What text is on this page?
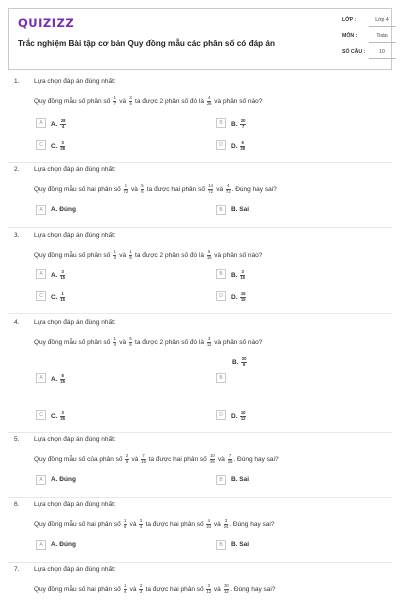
QUIZIZZ
Trắc nghiệm Bài tập cơ bản Quy đồng mẫu các phân số có đáp án
LỚP :	Lớp 4
MÔN :	Toán
SỐ CÂU :	10
1. Lựa chọn đáp án đúng nhất:
Quy đồng mẫu số phân số $\frac{1}{7}$ và $\frac{3}{4}$ ta được 2 phân số đó là $\frac{4}{28}$ và phân số nào?
2. Lựa chọn đáp án đúng nhất:
Quy đồng mẫu số hai phân số $\frac{1}{72}$ và $\frac{5}{6}$ ta được hai phân số $\frac{14}{72}$ và $\frac{4}{72}$ . Đúng hay sai?
3. Lựa chọn đáp án đúng nhất:
Quy đồng mẫu số phân số $\frac{1}{3}$ và $\frac{1}{5}$ ta được 2 phân số đó là $\frac{5}{15}$ và phân số nào?
4. Lựa chọn đáp án đúng nhất:
Quy đồng mẫu số phân số $\frac{1}{4}$ và $\frac{5}{6}$ ta được 2 phân số đó là $\frac{3}{12}$ và phân số nào?
5. Lựa chọn đáp án đúng nhất:
Quy đồng mẫu số của phân số $\frac{2}{5}$ và $\frac{7}{15}$ ta được hai phân số $\frac{10}{25}$ và $\frac{7}{25}$ . Đúng hay sai?
6. Lựa chọn đáp án đúng nhất:
Quy đồng mẫu số hai phân số $\frac{1}{6}$ và $\frac{3}{4}$ ta được hai phân số $\frac{4}{24}$ và $\frac{3}{24}$ . Đúng hay sai?
7. Lựa chọn đáp án đúng nhất:
Quy đồng mẫu số hai phân số $\frac{1}{4}$ và $\frac{2}{3}$ ta được hai phân số $\frac{3}{12}$ và $\frac{20}{12}$ . Đúng hay sai?
A	A. $\frac{28}{4}$	B	B. $\frac{20}{7}$
C	C. $\frac{3}{28}$	D	D. $\frac{6}{28}$
A	A. Đúng	B	B. Sai
A	A. $\frac{3}{15}$	B	B. $\frac{3}{15}$
C	C. $\frac{1}{15}$	D	D. $\frac{15}{15}$
A	A. $\frac{8}{25}$	B
B. $\frac{20}{6}$
C	C. $\frac{3}{25}$	D	D. $\frac{10}{12}$
A	A. Đúng	B	B. Sai
A	A. Đúng	B	B. Sai
